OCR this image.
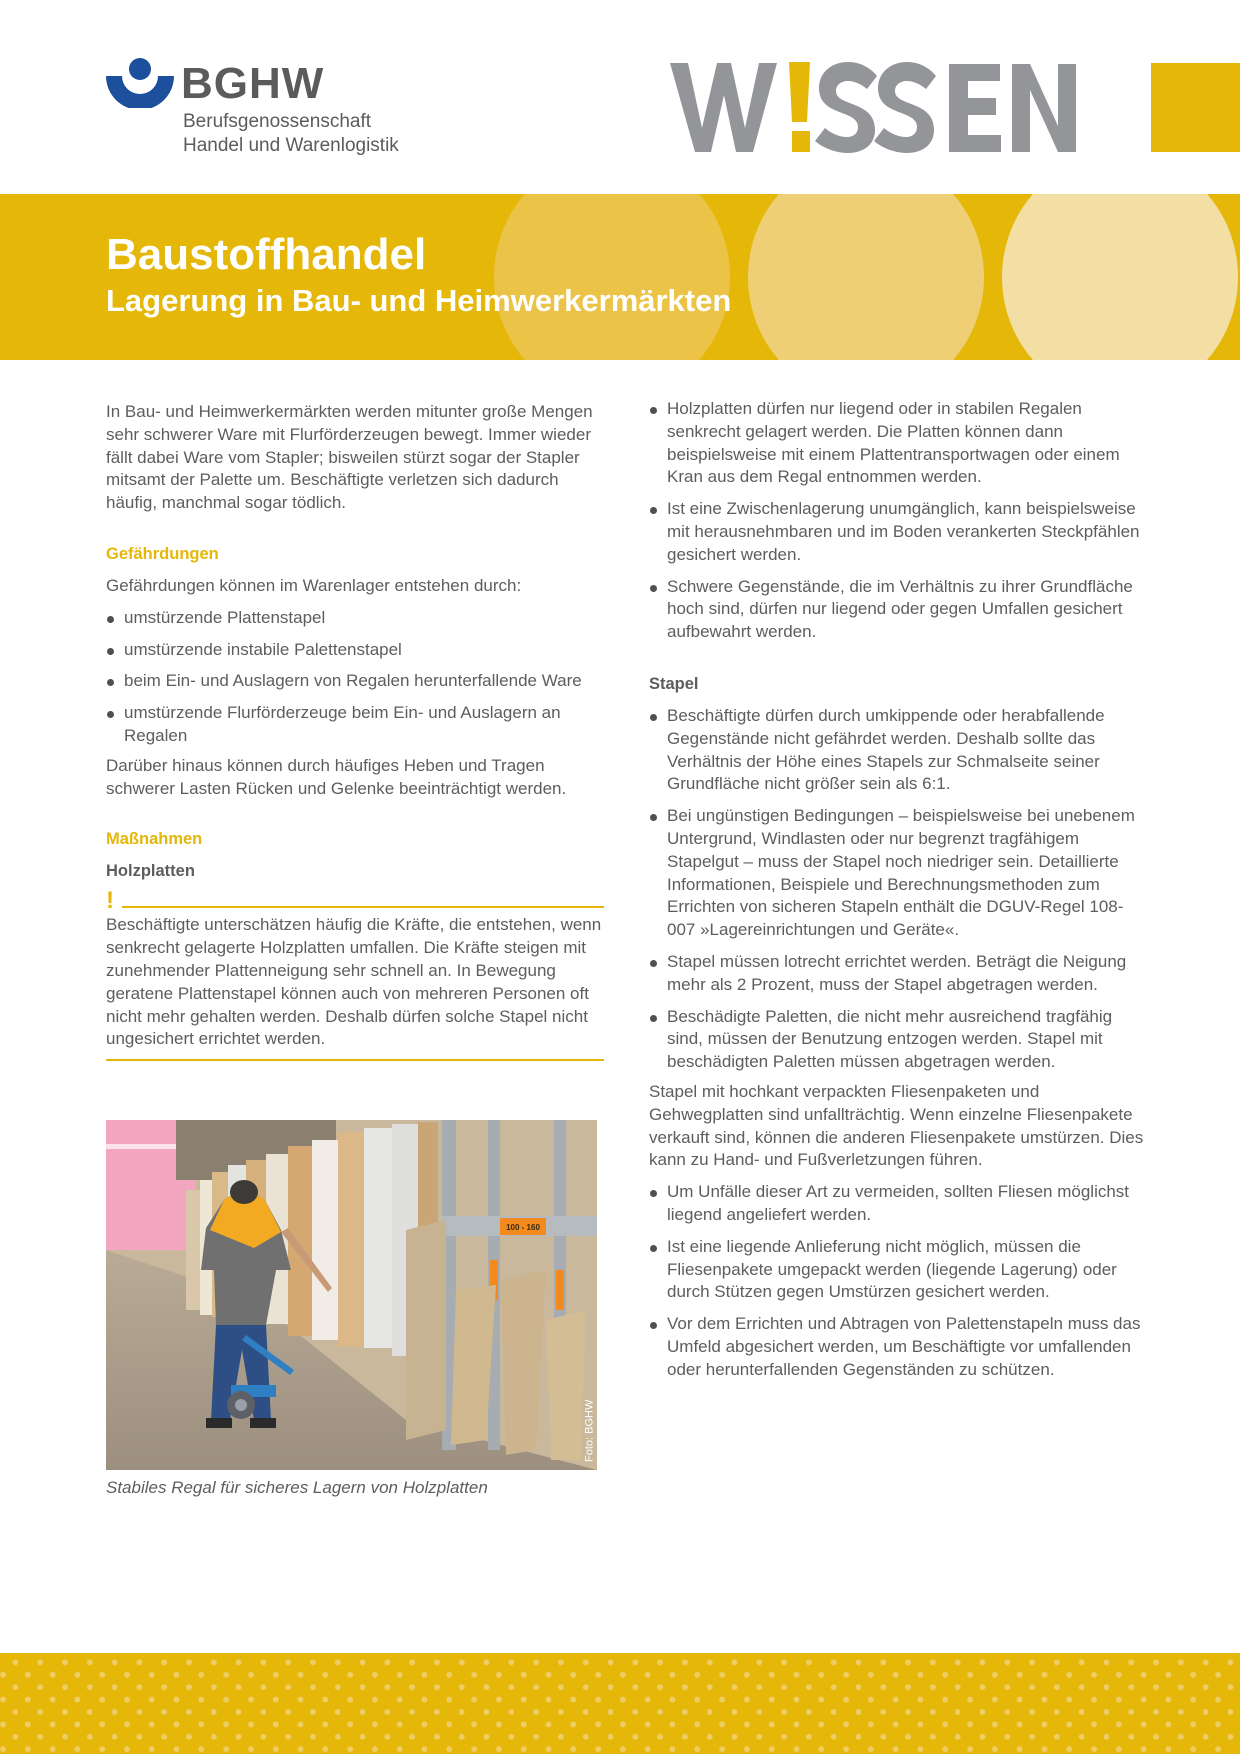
BGHW
Berufsgenossenschaft
Handel und Warenlogistik
Baustoffhandel
Lagerung in Bau- und Heimwerkermärkten

In Bau- und Heimwerkermärkten werden mitunter große Mengen sehr schwerer Ware mit Flurförderzeugen bewegt. Immer wieder fällt dabei Ware vom Stapler; bisweilen stürzt sogar der Stapler mitsamt der Palette um. Beschäftigte verletzen sich dadurch häufig, manchmal sogar tödlich.

Gefährdungen

Gefährdungen können im Warenlager entstehen durch:

umstürzende Plattenstapel
umstürzende instabile Palettenstapel
beim Ein- und Auslagern von Regalen herunterfallende Ware
umstürzende Flurförderzeuge beim Ein- und Auslagern an Regalen

Darüber hinaus können durch häufiges Heben und Tragen schwerer Lasten Rücken und Gelenke beeinträchtigt werden.

Maßnahmen
Holzplatten
!

Beschäftigte unterschätzen häufig die Kräfte, die entstehen, wenn senkrecht gelagerte Holzplatten umfallen. Die Kräfte steigen mit zunehmender Plattenneigung sehr schnell an. In Bewegung geratene Plattenstapel können auch von mehreren Personen oft nicht mehr gehalten werden. Deshalb dürfen solche Stapel nicht ungesichert errichtet werden.

100 - 160
Foto: BGHW
Stabiles Regal für sicheres Lagern von Holzplatten
Holzplatten dürfen nur liegend oder in stabilen Regalen senkrecht gelagert werden. Die Platten können dann beispielsweise mit einem Plattentransportwagen oder einem Kran aus dem Regal entnommen werden.
Ist eine Zwischenlagerung unumgänglich, kann beispielsweise mit herausnehmbaren und im Boden verankerten Steckpfählen gesichert werden.
Schwere Gegenstände, die im Verhältnis zu ihrer Grundfläche hoch sind, dürfen nur liegend oder gegen Umfallen gesichert aufbewahrt werden.
Stapel
Beschäftigte dürfen durch umkippende oder herabfallende Gegenstände nicht gefährdet werden. Deshalb sollte das Verhältnis der Höhe eines Stapels zur Schmalseite seiner Grundfläche nicht größer sein als 6:1.
Bei ungünstigen Bedingungen – beispielsweise bei unebenem Untergrund, Windlasten oder nur begrenzt tragfähigem Stapelgut – muss der Stapel noch niedriger sein. Detaillierte Informationen, Beispiele und Berechnungsmethoden zum Errichten von sicheren Stapeln enthält die DGUV-Regel 108-007 »Lagereinrichtungen und Geräte«.
Stapel müssen lotrecht errichtet werden. Beträgt die Neigung mehr als 2 Prozent, muss der Stapel abgetragen werden.
Beschädigte Paletten, die nicht mehr ausreichend tragfähig sind, müssen der Benutzung entzogen werden. Stapel mit beschädigten Paletten müssen abgetragen werden.

Stapel mit hochkant verpackten Fliesenpaketen und Gehwegplatten sind unfallträchtig. Wenn einzelne Fliesenpakete verkauft sind, können die anderen Fliesenpakete umstürzen. Dies kann zu Hand- und Fußverletzungen führen.

Um Unfälle dieser Art zu vermeiden, sollten Fliesen möglichst liegend angeliefert werden.
Ist eine liegende Anlieferung nicht möglich, müssen die Fliesenpakete umgepackt werden (liegende Lagerung) oder durch Stützen gegen Umstürzen gesichert werden.
Vor dem Errichten und Abtragen von Palettenstapeln muss das Umfeld abgesichert werden, um Beschäftigte vor umfallenden oder herunterfallenden Gegenständen zu schützen.
